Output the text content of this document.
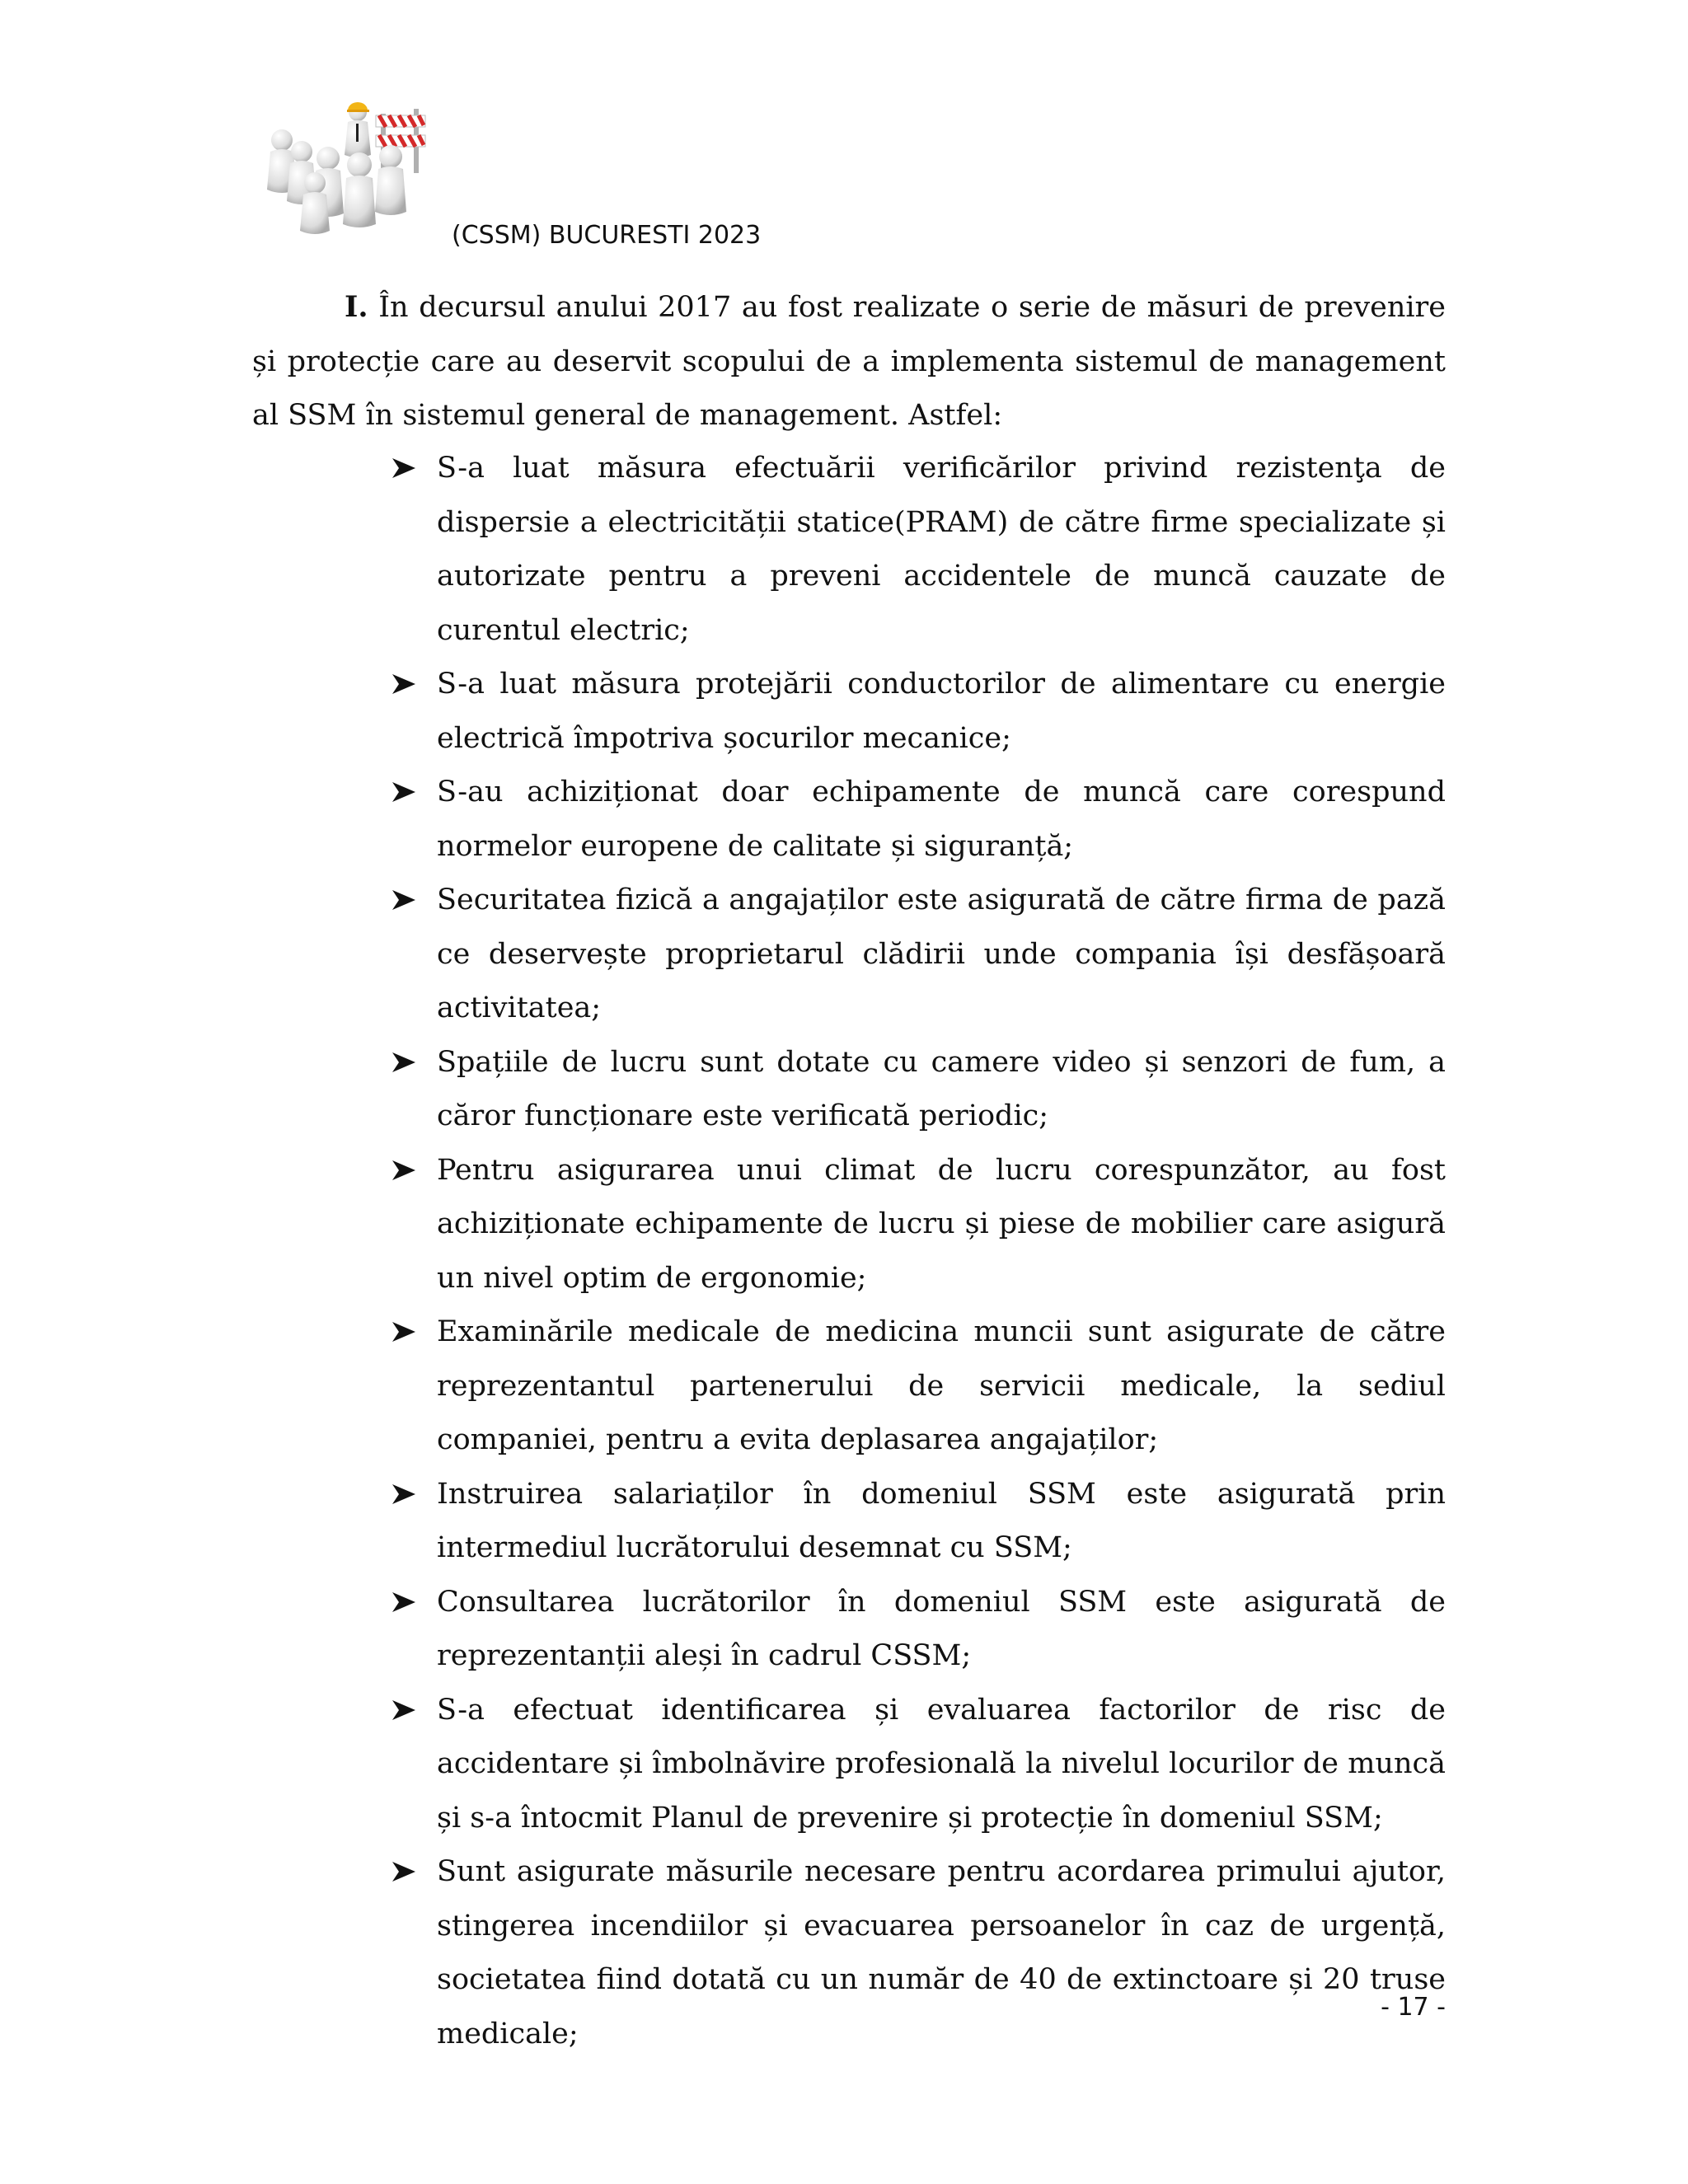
(CSSM) BUCURESTI 2023

I. În decursul anului 2017 au fost realizate o serie de măsuri de prevenire și protecție care au deservit scopului de a implementa sistemul de management al SSM în sistemul general de management. Astfel:

S-a luat măsura efectuării verificărilor privind rezistenţa de dispersie a electricității statice(PRAM) de către firme specializate și autorizate pentru a preveni accidentele de muncă cauzate de curentul electric;
S-a luat măsura protejării conductorilor de alimentare cu energie electrică împotriva șocurilor mecanice;
S-au achiziționat doar echipamente de muncă care corespund normelor europene de calitate și siguranță;
Securitatea fizică a angajaților este asigurată de către firma de pază ce deservește proprietarul clădirii unde compania își desfășoară activitatea;
Spațiile de lucru sunt dotate cu camere video și senzori de fum, a căror funcționare este verificată periodic;
Pentru asigurarea unui climat de lucru corespunzător, au fost achiziționate echipamente de lucru și piese de mobilier care asigură un nivel optim de ergonomie;
Examinările medicale de medicina muncii sunt asigurate de către reprezentantul partenerului de servicii medicale, la sediul companiei, pentru a evita deplasarea angajaților;
Instruirea salariaților în domeniul SSM este asigurată prin intermediul lucrătorului desemnat cu SSM;
Consultarea lucrătorilor în domeniul SSM este asigurată de reprezentanții aleși în cadrul CSSM;
S-a efectuat identificarea și evaluarea factorilor de risc de accidentare și îmbolnăvire profesională la nivelul locurilor de muncă și s-a întocmit Planul de prevenire și protecție în domeniul SSM;
Sunt asigurate măsurile necesare pentru acordarea primului ajutor, stingerea incendiilor și evacuarea persoanelor în caz de urgență, societatea fiind dotată cu un număr de 40 de extinctoare și 20 truse medicale;
- 17 -
